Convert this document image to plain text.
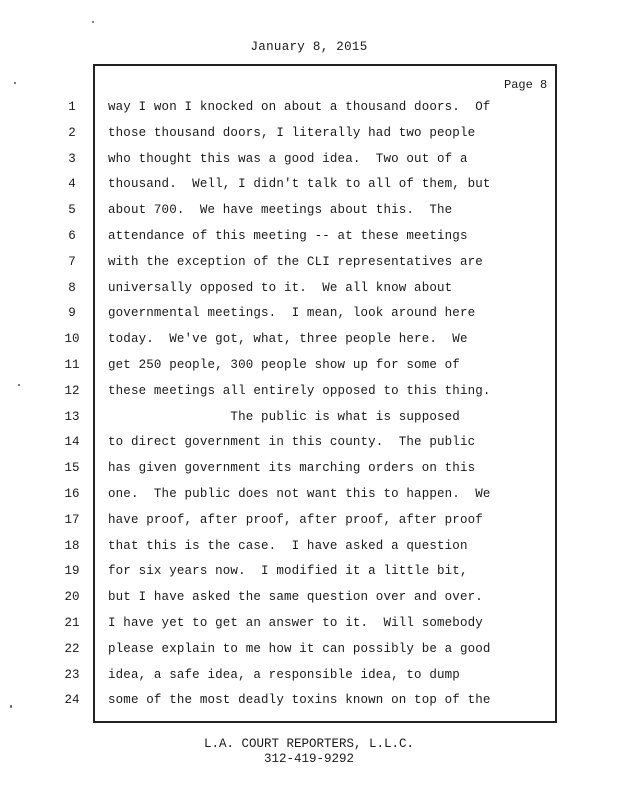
January 8, 2015
Page 8
1	way I won I knocked on about a thousand doors.  Of
2	those thousand doors, I literally had two people
3	who thought this was a good idea.  Two out of a
4	thousand.  Well, I didn't talk to all of them, but
5	about 700.  We have meetings about this.  The
6	attendance of this meeting -- at these meetings
7	with the exception of the CLI representatives are
8	universally opposed to it.  We all know about
9	governmental meetings.  I mean, look around here
10	today.  We've got, what, three people here.  We
11	get 250 people, 300 people show up for some of
12	these meetings all entirely opposed to this thing.
13	The public is what is supposed
14	to direct government in this county.  The public
15	has given government its marching orders on this
16	one.  The public does not want this to happen.  We
17	have proof, after proof, after proof, after proof
18	that this is the case.  I have asked a question
19	for six years now.  I modified it a little bit,
20	but I have asked the same question over and over.
21	I have yet to get an answer to it.  Will somebody
22	please explain to me how it can possibly be a good
23	idea, a safe idea, a responsible idea, to dump
24	some of the most deadly toxins known on top of the
L.A. COURT REPORTERS, L.L.C.
312-419-9292
